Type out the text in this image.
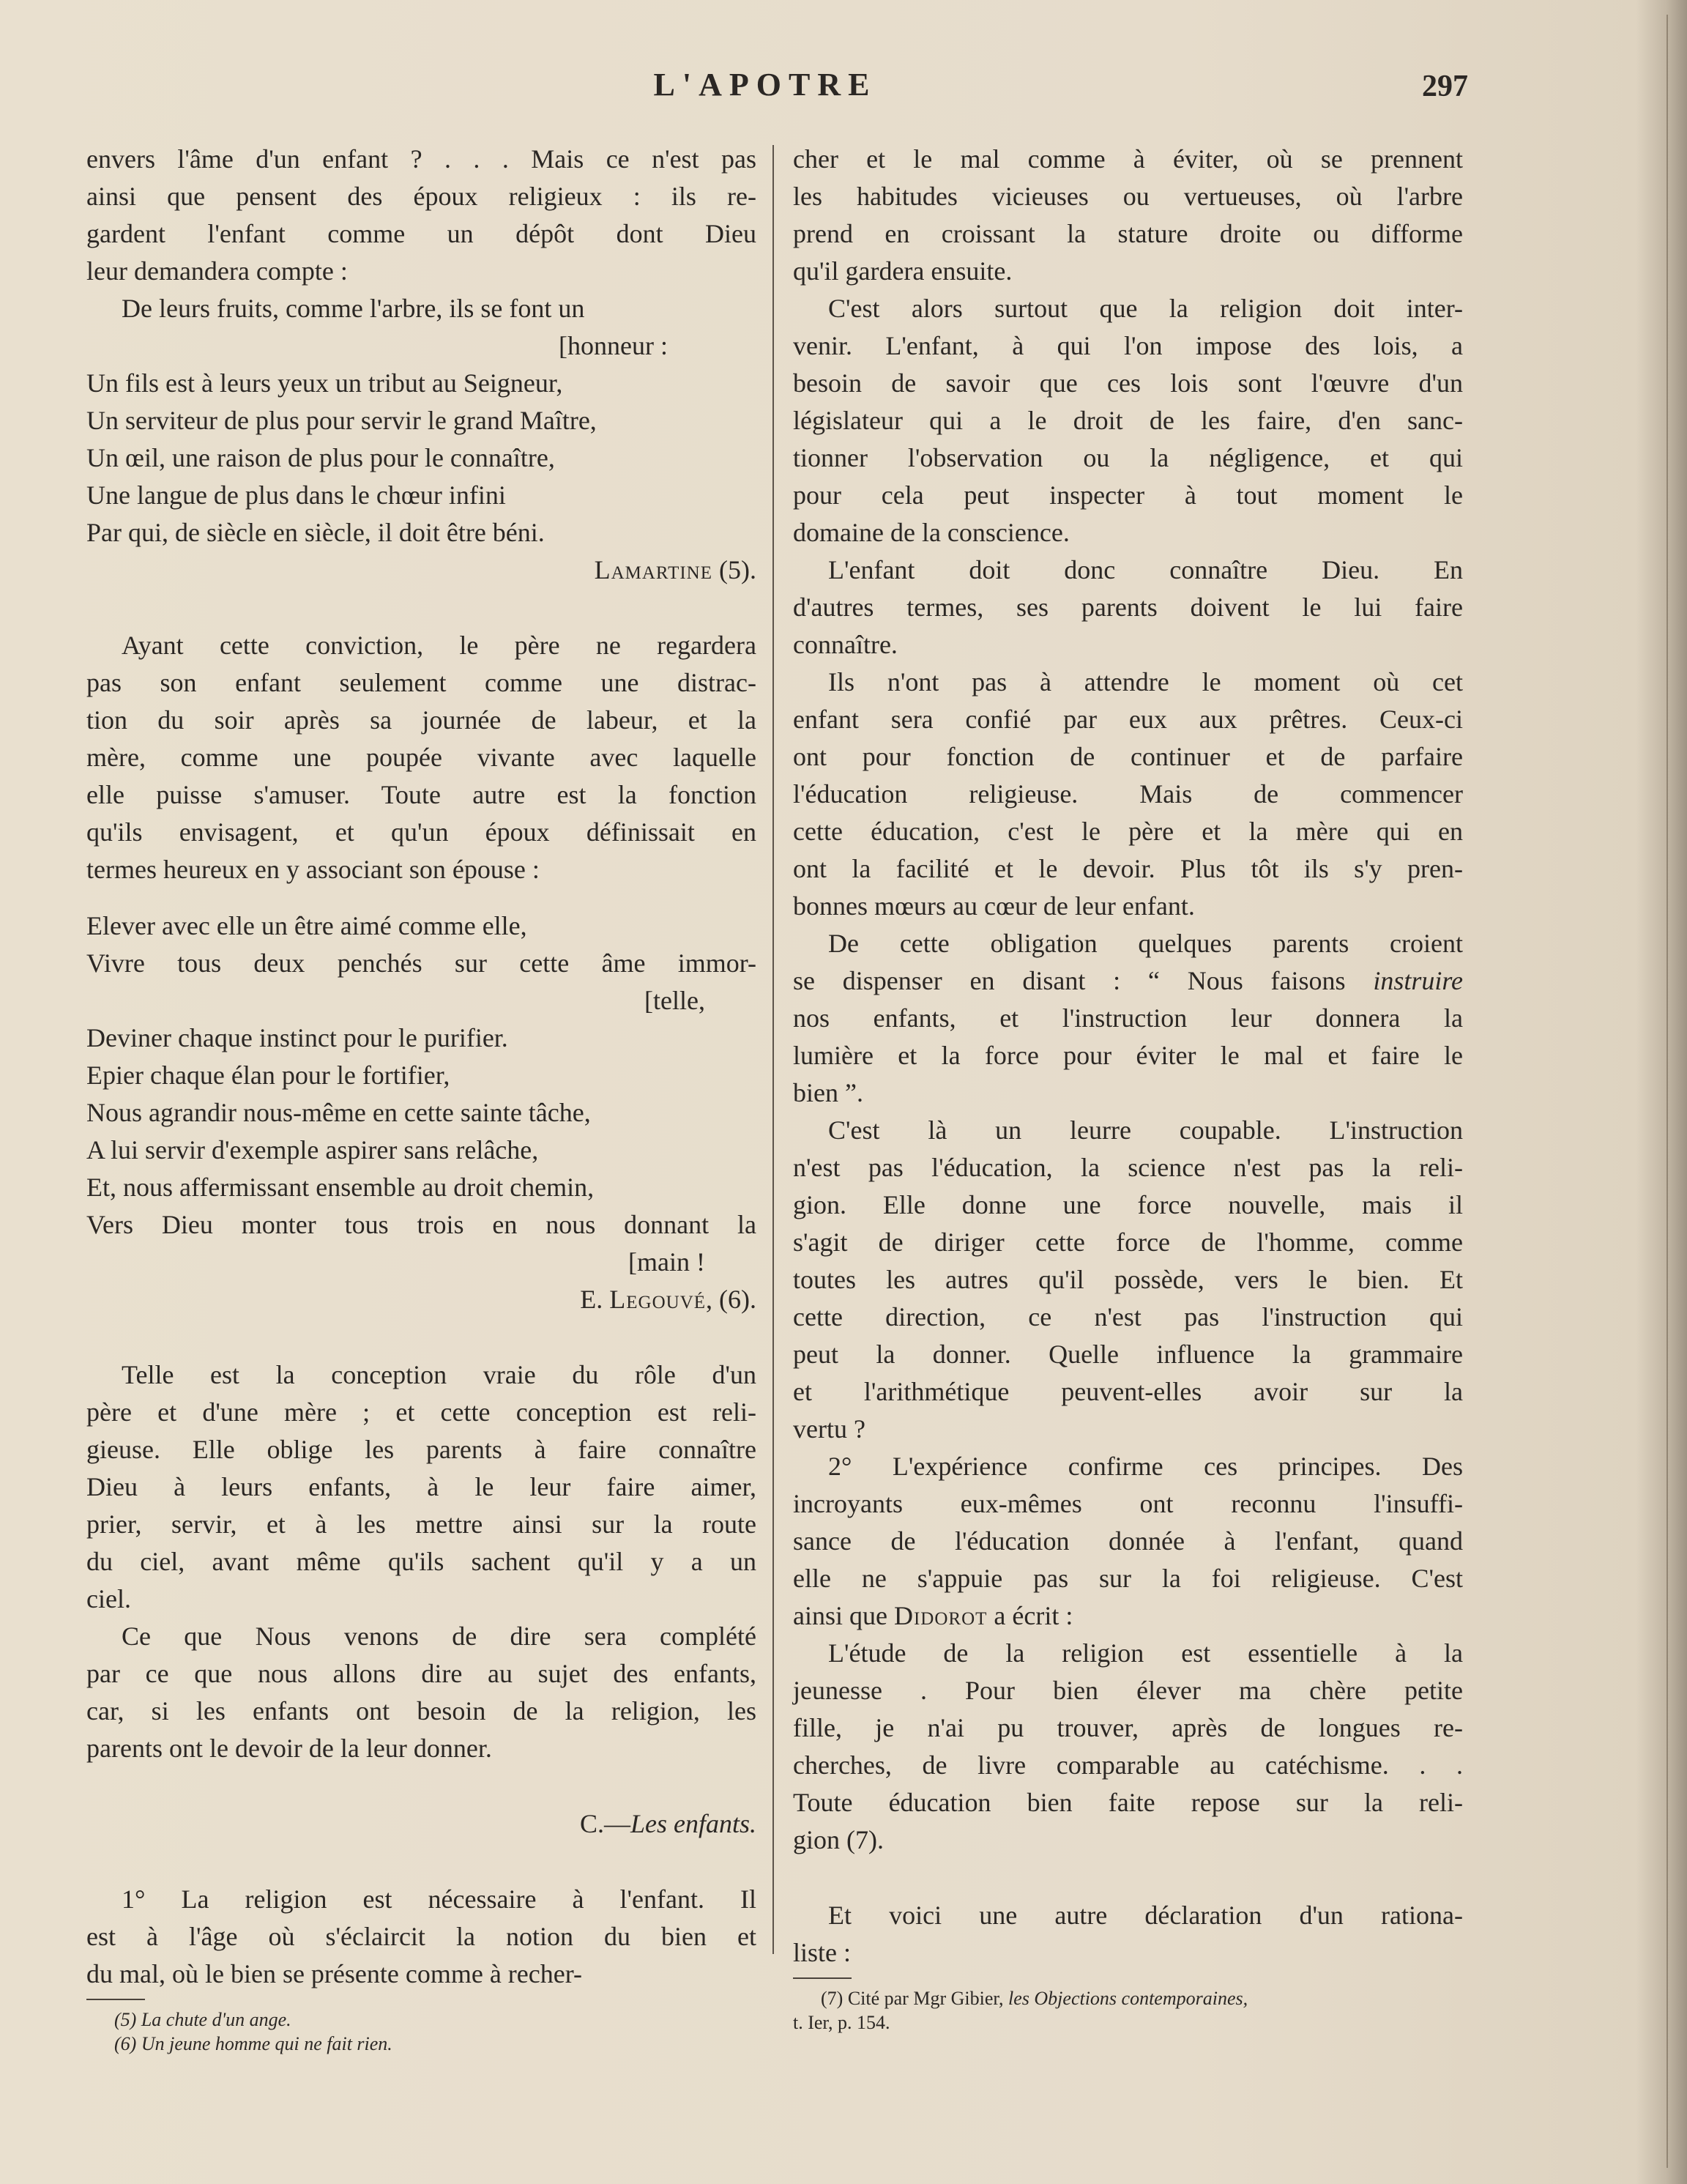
L'APOTRE	297
envers l'âme d'un enfant ? . . . Mais ce n'est pas
ainsi que pensent des époux religieux : ils re-
gardent l'enfant comme un dépôt dont Dieu
leur demandera compte :
De leurs fruits, comme l'arbre, ils se font un
[honneur :
Un fils est à leurs yeux un tribut au Seigneur,
Un serviteur de plus pour servir le grand Maître,
Un œil, une raison de plus pour le connaître,
Une langue de plus dans le chœur infini
Par qui, de siècle en siècle, il doit être béni.
Lamartine (5).
Ayant cette conviction, le père ne regardera
pas son enfant seulement comme une distrac-
tion du soir après sa journée de labeur, et la
mère, comme une poupée vivante avec laquelle
elle puisse s'amuser. Toute autre est la fonction
qu'ils envisagent, et qu'un époux définissait en
termes heureux en y associant son épouse :
Elever avec elle un être aimé comme elle,
Vivre tous deux penchés sur cette âme immor-
[telle,
Deviner chaque instinct pour le purifier.
Epier chaque élan pour le fortifier,
Nous agrandir nous-même en cette sainte tâche,
A lui servir d'exemple aspirer sans relâche,
Et, nous affermissant ensemble au droit chemin,
Vers Dieu monter tous trois en nous donnant la
[main !
E. Legouvé, (6).
Telle est la conception vraie du rôle d'un
père et d'une mère ; et cette conception est reli-
gieuse. Elle oblige les parents à faire connaître
Dieu à leurs enfants, à le leur faire aimer,
prier, servir, et à les mettre ainsi sur la route
du ciel, avant même qu'ils sachent qu'il y a un
ciel.
Ce que Nous venons de dire sera complété
par ce que nous allons dire au sujet des enfants,
car, si les enfants ont besoin de la religion, les
parents ont le devoir de la leur donner.
C.—Les enfants.
1° La religion est nécessaire à l'enfant. Il
est à l'âge où s'éclaircit la notion du bien et
du mal, où le bien se présente comme à recher-
(5) La chute d'un ange.
(6) Un jeune homme qui ne fait rien.
cher et le mal comme à éviter, où se prennent
les habitudes vicieuses ou vertueuses, où l'arbre
prend en croissant la stature droite ou difforme
qu'il gardera ensuite.
C'est alors surtout que la religion doit inter-
venir. L'enfant, à qui l'on impose des lois, a
besoin de savoir que ces lois sont l'œuvre d'un
législateur qui a le droit de les faire, d'en sanc-
tionner l'observation ou la négligence, et qui
pour cela peut inspecter à tout moment le
domaine de la conscience.
L'enfant doit donc connaître Dieu. En
d'autres termes, ses parents doivent le lui faire
connaître.
Ils n'ont pas à attendre le moment où cet
enfant sera confié par eux aux prêtres. Ceux-ci
ont pour fonction de continuer et de parfaire
l'éducation religieuse. Mais de commencer
cette éducation, c'est le père et la mère qui en
ont la facilité et le devoir. Plus tôt ils s'y pren-
bonnes mœurs au cœur de leur enfant.
De cette obligation quelques parents croient
se dispenser en disant : “ Nous faisons instruire
nos enfants, et l'instruction leur donnera la
lumière et la force pour éviter le mal et faire le
bien ”.
C'est là un leurre coupable. L'instruction
n'est pas l'éducation, la science n'est pas la reli-
gion. Elle donne une force nouvelle, mais il
s'agit de diriger cette force de l'homme, comme
toutes les autres qu'il possède, vers le bien. Et
cette direction, ce n'est pas l'instruction qui
peut la donner. Quelle influence la grammaire
et l'arithmétique peuvent-elles avoir sur la
vertu ?
2° L'expérience confirme ces principes. Des
incroyants eux-mêmes ont reconnu l'insuffi-
sance de l'éducation donnée à l'enfant, quand
elle ne s'appuie pas sur la foi religieuse. C'est
ainsi que Didorot a écrit :
L'étude de la religion est essentielle à la
jeunesse . Pour bien élever ma chère petite
fille, je n'ai pu trouver, après de longues re-
cherches, de livre comparable au catéchisme. . .
Toute éducation bien faite repose sur la reli-
gion (7).
Et voici une autre déclaration d'un rationa-
liste :
(7) Cité par Mgr Gibier, les Objections contemporaines,
t. Ier, p. 154.
